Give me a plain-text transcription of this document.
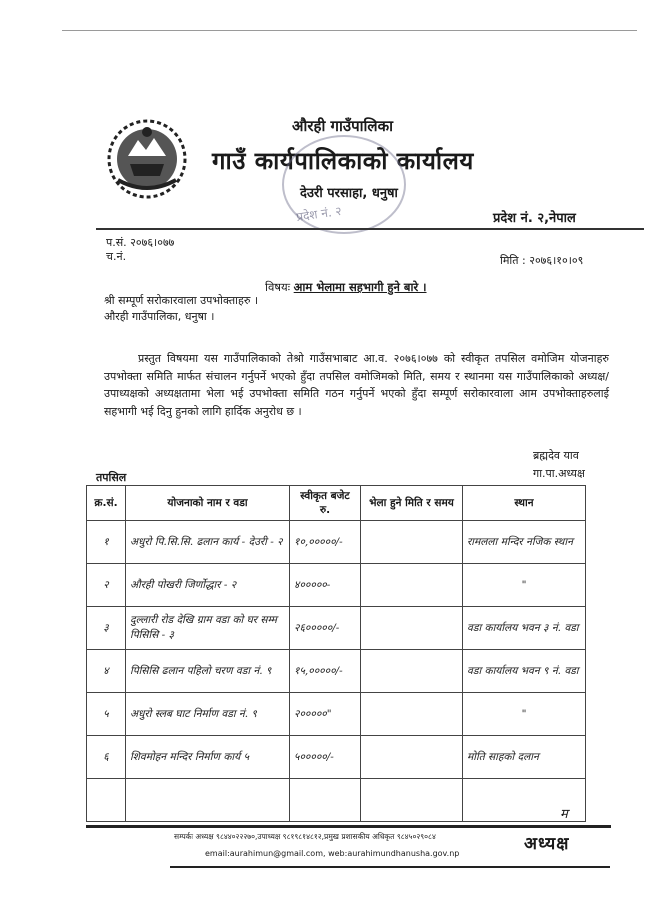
औरही गाउँपालिका
गाउँ कार्यपालिकाको कार्यालय
देउरी परसाहा, धनुषा
प्रदेश नं. २	प्रदेश नं. २,नेपाल
प.सं. २०७६।०७७
च.नं.	मिति : २०७६।१०।०९
विषयः आम भेलामा सहभागी हुने बारे ।
श्री सम्पूर्ण सरोकारवाला उपभोक्ताहरु ।
औरही गाउँपालिका, धनुषा ।
प्रस्तुत विषयमा यस गाउँपालिकाको तेश्रो गाउँसभाबाट आ.व. २०७६।०७७ को स्वीकृत तपसिल वमोजिम योजनाहरु उपभोक्ता समिति मार्फत संचालन गर्नुपर्ने भएको हुँदा तपसिल वमोजिमको मिति, समय र स्थानमा यस गाउँपालिकाको अध्यक्ष/उपाध्यक्षको अध्यक्षतामा भेला भई उपभोक्ता समिति गठन गर्नुपर्ने भएको हुँदा सम्पूर्ण सरोकारवाला आम उपभोक्ताहरुलाई सहभागी भई दिनु हुनको लागि हार्दिक अनुरोध छ ।
ब्रह्मदेव याव
गा.पा.अध्यक्ष
तपसिल
क्र.सं.	योजनाको नाम र वडा	स्वीकृत बजेट रु.	भेला हुने मिति र समय	स्थान
१	अधुरो पि.सि.सि. ढलान कार्य - देउरी - २	१०,०००००/-		रामलला मन्दिर नजिक स्थान
२	औरही पोखरी जिर्णोद्धार - २	४०००००-		"
३	दुल्लारी रोड देखि ग्राम वडा को घर सम्म पिसिसि - ३	२६०००००/-		वडा कार्यालय भवन ३ नं. वडा
४	पिसिसि ढलान पहिलो चरण वडा नं. ९	१५,०००००/-		वडा कार्यालय भवन ९ नं. वडा
५	अधुरो स्लब घाट निर्माण वडा नं. ९	२०००००"		"
६	शिवमोहन मन्दिर निर्माण कार्य ५	५०००००/-		मोति साहको दलान

म
सम्पर्कः अध्यक्ष ९८४४०२२२७०,उपाध्यक्ष ९८१९८१४८१२,प्रमुख प्रशासकीय अधिकृत ९८४५०२९०८४
email:aurahimun@gmail.com, web:aurahimundhanusha.gov.np	अध्यक्ष
